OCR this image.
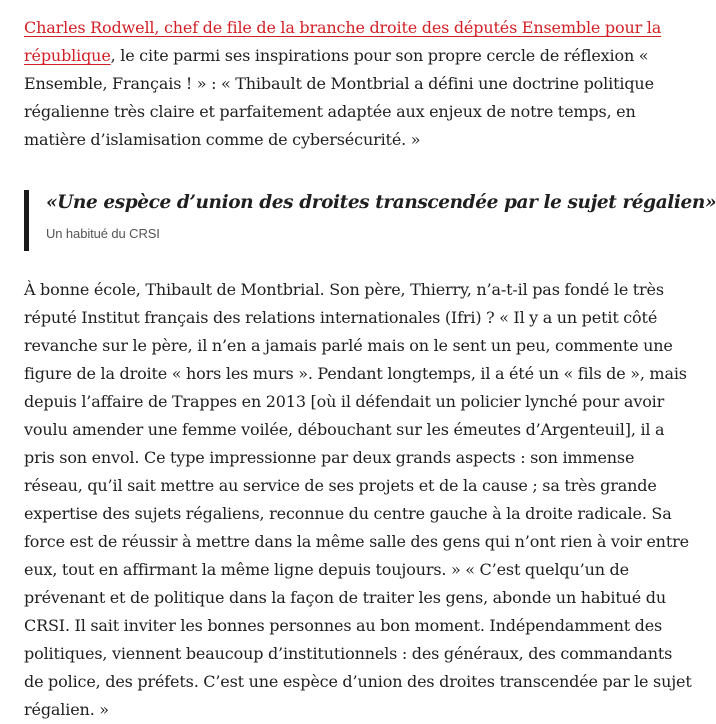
Charles Rodwell, chef de file de la branche droite des députés Ensemble pour la république, le cite parmi ses inspirations pour son propre cercle de réflexion « Ensemble, Français ! » : « Thibault de Montbrial a défini une doctrine politique régalienne très claire et parfaitement adaptée aux enjeux de notre temps, en matière d’islamisation comme de cybersécurité. »

«Une espèce d’union des droites transcendée par le sujet régalien»

Un habitué du CRSI

À bonne école, Thibault de Montbrial. Son père, Thierry, n’a-t-il pas fondé le très réputé Institut français des relations internationales (Ifri) ? « Il y a un petit côté revanche sur le père, il n’en a jamais parlé mais on le sent un peu, commente une figure de la droite « hors les murs ». Pendant longtemps, il a été un « fils de », mais depuis l’affaire de Trappes en 2013 [où il défendait un policier lynché pour avoir voulu amender une femme voilée, débouchant sur les émeutes d’Argenteuil], il a pris son envol. Ce type impressionne par deux grands aspects : son immense réseau, qu’il sait mettre au service de ses projets et de la cause ; sa très grande expertise des sujets régaliens, reconnue du centre gauche à la droite radicale. Sa force est de réussir à mettre dans la même salle des gens qui n’ont rien à voir entre eux, tout en affirmant la même ligne depuis toujours. » « C’est quelqu’un de prévenant et de politique dans la façon de traiter les gens, abonde un habitué du CRSI. Il sait inviter les bonnes personnes au bon moment. Indépendamment des politiques, viennent beaucoup d’institutionnels : des généraux, des commandants de police, des préfets. C’est une espèce d’union des droites transcendée par le sujet régalien. »
